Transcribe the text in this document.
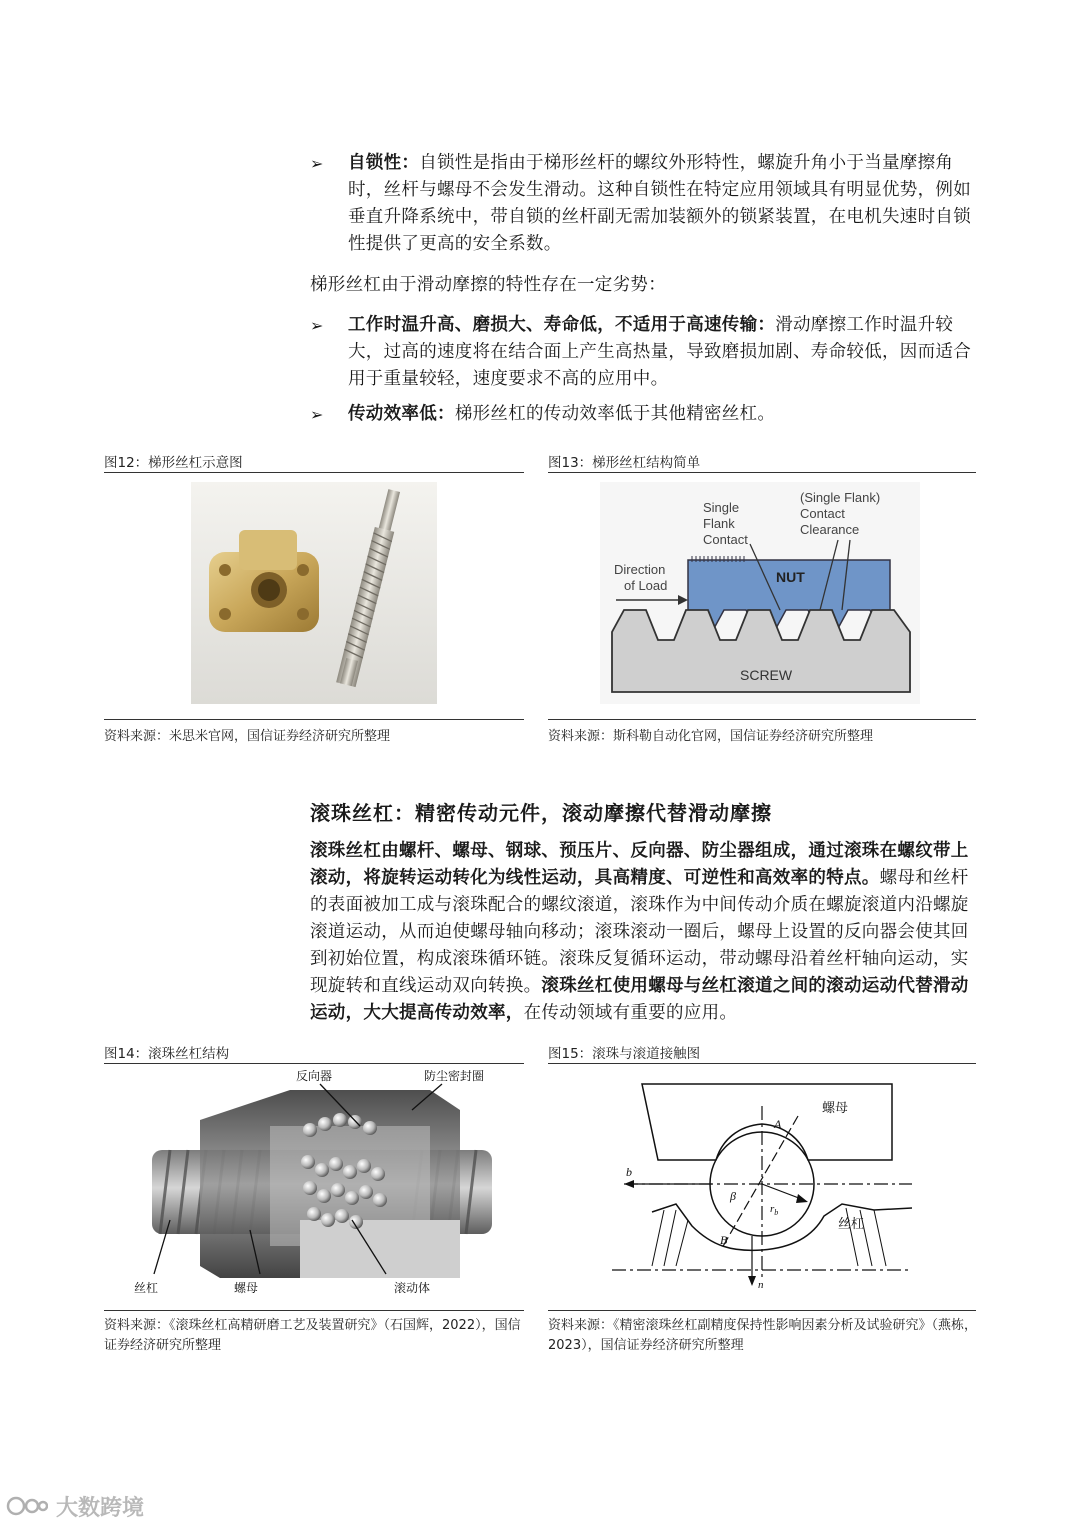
➢ 自锁性：自锁性是指由于梯形丝杆的螺纹外形特性，螺旋升角小于当量摩擦角时，丝杆与螺母不会发生滑动。这种自锁性在特定应用领域具有明显优势，例如垂直升降系统中，带自锁的丝杆副无需加装额外的锁紧装置，在电机失速时自锁性提供了更高的安全系数。
梯形丝杠由于滑动摩擦的特性存在一定劣势：
➢ 工作时温升高、磨损大、寿命低，不适用于高速传输：滑动摩擦工作时温升较大，过高的速度将在结合面上产生高热量，导致磨损加剧、寿命较低，因而适合用于重量较轻，速度要求不高的应用中。
➢ 传动效率低：梯形丝杠的传动效率低于其他精密丝杠。
图12：梯形丝杠示意图
资料来源：米思米官网，国信证券经济研究所整理
图13：梯形丝杠结构简单
Single
Flank
Contact
(Single Flank)
Contact
Clearance
Direction
of Load
NUT
SCREW
资料来源：斯科勒自动化官网，国信证券经济研究所整理
滚珠丝杠：精密传动元件，滚动摩擦代替滑动摩擦
滚珠丝杠由螺杆、螺母、钢球、预压片、反向器、防尘器组成，通过滚珠在螺纹带上滚动，将旋转运动转化为线性运动，具高精度、可逆性和高效率的特点。螺母和丝杆的表面被加工成与滚珠配合的螺纹滚道，滚珠作为中间传动介质在螺旋滚道内沿螺旋滚道运动，从而迫使螺母轴向移动；滚珠滚动一圈后，螺母上设置的反向器会使其回到初始位置，构成滚珠循环链。滚珠反复循环运动，带动螺母沿着丝杆轴向运动，实现旋转和直线运动双向转换。滚珠丝杠使用螺母与丝杠滚道之间的滚动运动代替滑动运动，大大提高传动效率，在传动领域有重要的应用。
图14：滚珠丝杠结构
反向器	防尘密封圈
丝杠	螺母	滚动体
资料来源：《滚珠丝杠高精研磨工艺及装置研究》（石国辉，2022），国信证券经济研究所整理
图15：滚珠与滚道接触图
螺母
丝杠
A
B
b
β
$r_b$
n
资料来源：《精密滚珠丝杠副精度保持性影响因素分析及试验研究》（燕栋，2023），国信证券经济研究所整理
大数跨境
